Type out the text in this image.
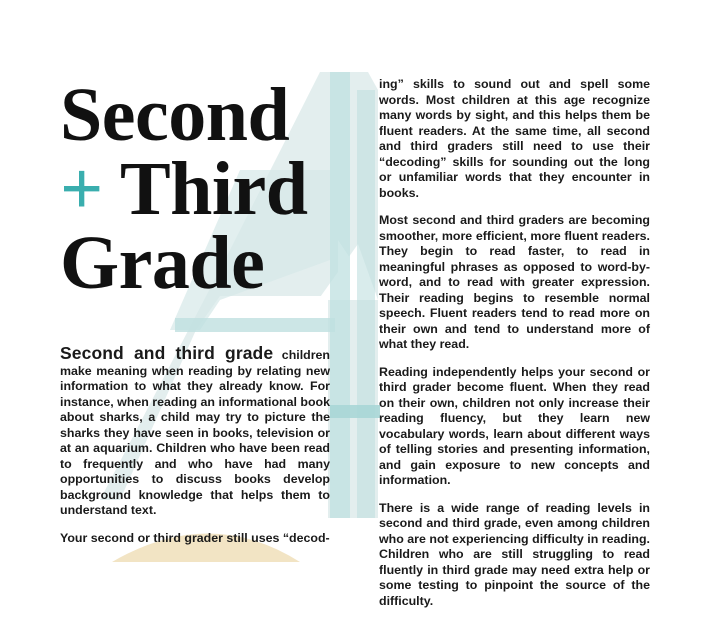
Second
+ Third
Grade

Second and third grade children make meaning when reading by relating new information to what they already know. For instance, when reading an informational book about sharks, a child may try to picture the sharks they have seen in books, television or at an aquarium. Children who have been read to frequently and who have had many opportunities to discuss books develop background knowledge that helps them to understand text.

Your second or third grader still uses “decod-

ing” skills to sound out and spell some words. Most children at this age recognize many words by sight, and this helps them be fluent readers. At the same time, all second and third graders still need to use their “decoding” skills for sounding out the long or unfamiliar words that they encounter in books.

Most second and third graders are becoming smoother, more efficient, more fluent readers. They begin to read faster, to read in meaningful phrases as opposed to word-by-word, and to read with greater expression. Their reading begins to resemble normal speech. Fluent readers tend to read more on their own and tend to understand more of what they read.

Reading independently helps your second or third grader become fluent. When they read on their own, children not only increase their reading fluency, but they learn new vocabulary words, learn about different ways of telling stories and presenting information, and gain exposure to new concepts and information.

There is a wide range of reading levels in second and third grade, even among children who are not experiencing difficulty in reading. Children who are still struggling to read fluently in third grade may need extra help or some testing to pinpoint the source of the difficulty.
